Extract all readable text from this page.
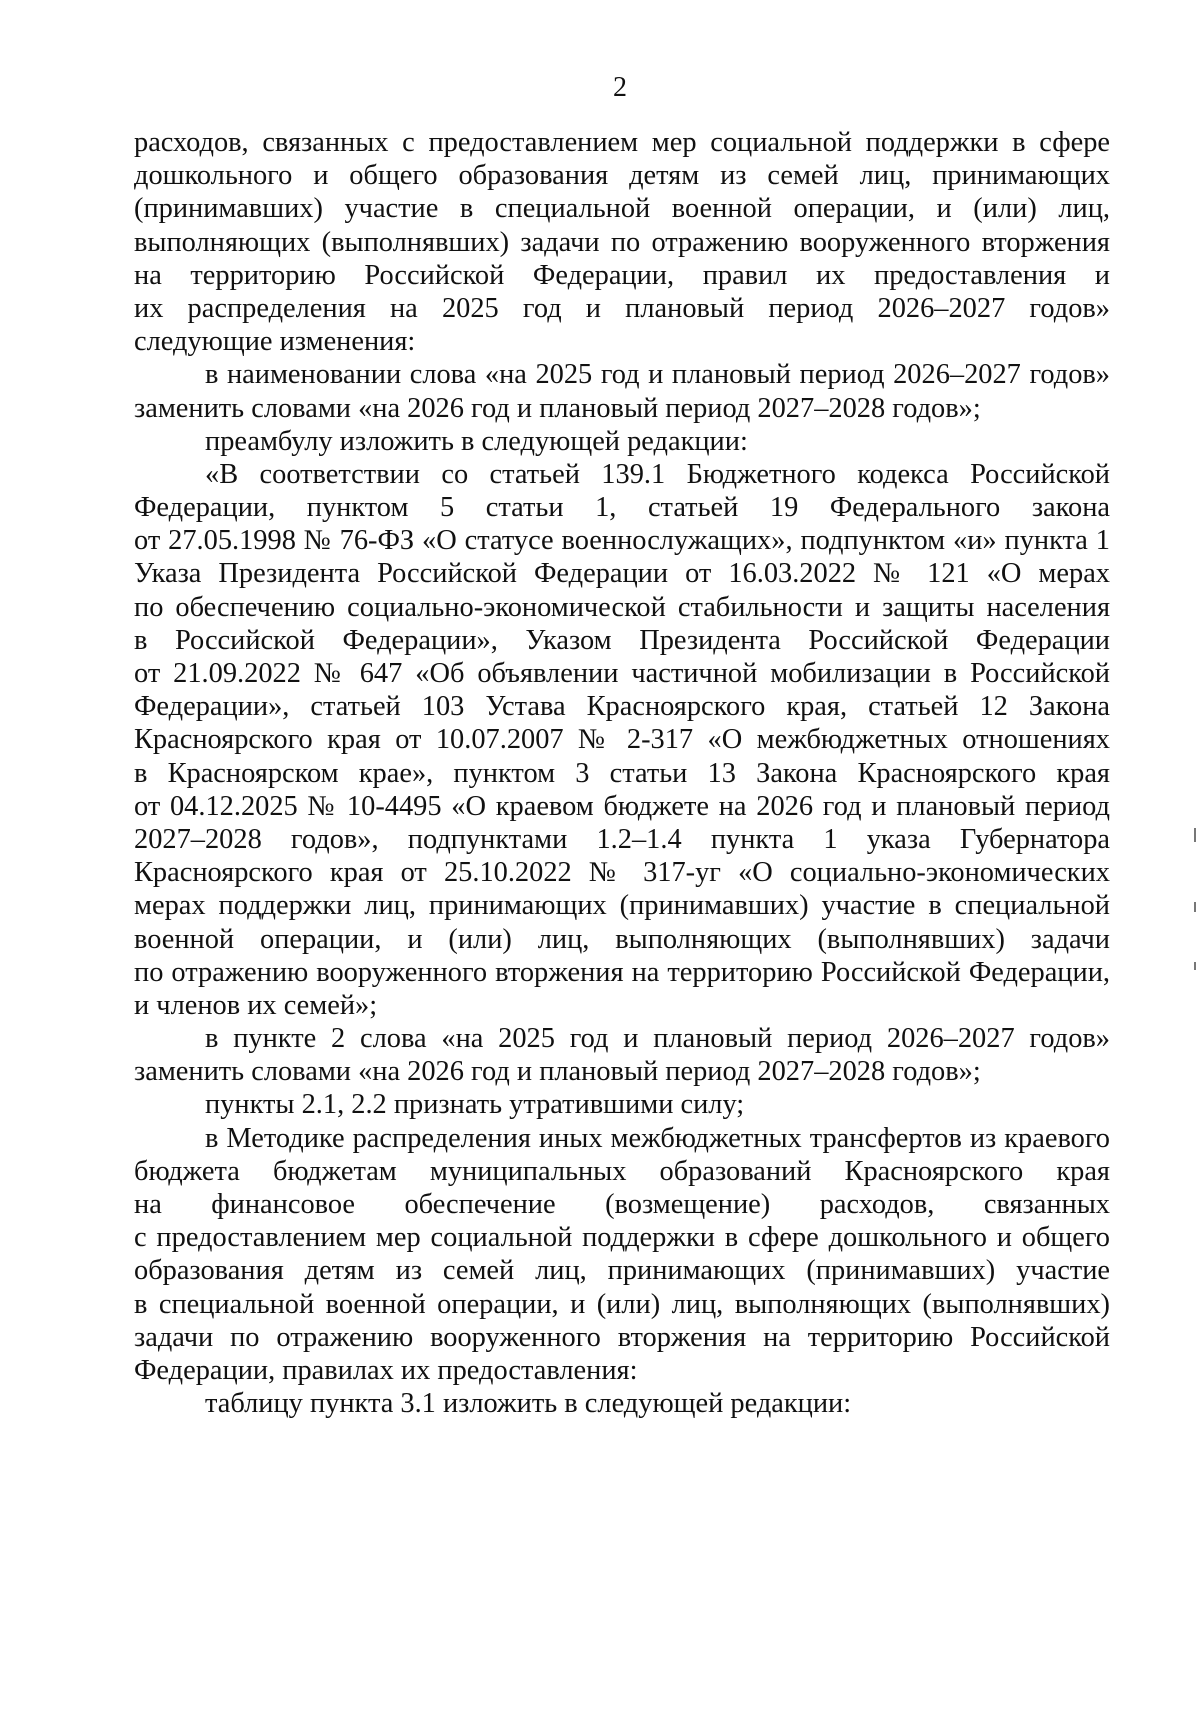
2
расходов, связанных с предоставлением мер социальной поддержки в сфере
дошкольного и общего образования детям из семей лиц, принимающих
(принимавших) участие в специальной военной операции, и (или) лиц,
выполняющих (выполнявших) задачи по отражению вооруженного вторжения
на территорию Российской Федерации, правил их предоставления и
их распределения на 2025 год и плановый период 2026–2027 годов»
следующие изменения:
в наименовании слова «на 2025 год и плановый период 2026–2027 годов»
заменить словами «на 2026 год и плановый период 2027–2028 годов»;
преамбулу изложить в следующей редакции:
«В соответствии со статьей 139.1 Бюджетного кодекса Российской
Федерации, пунктом 5 статьи 1, статьей 19 Федерального закона
от 27.05.1998 № 76-ФЗ «О статусе военнослужащих», подпунктом «и» пункта 1
Указа Президента Российской Федерации от 16.03.2022 № 121 «О мерах
по обеспечению социально-экономической стабильности и защиты населения
в Российской Федерации», Указом Президента Российской Федерации
от 21.09.2022 № 647 «Об объявлении частичной мобилизации в Российской
Федерации», статьей 103 Устава Красноярского края, статьей 12 Закона
Красноярского края от 10.07.2007 № 2-317 «О межбюджетных отношениях
в Красноярском крае», пунктом 3 статьи 13 Закона Красноярского края
от 04.12.2025 № 10-4495 «О краевом бюджете на 2026 год и плановый период
2027–2028 годов», подпунктами 1.2–1.4 пункта 1 указа Губернатора
Красноярского края от 25.10.2022 № 317-уг «О социально-экономических
мерах поддержки лиц, принимающих (принимавших) участие в специальной
военной операции, и (или) лиц, выполняющих (выполнявших) задачи
по отражению вооруженного вторжения на территорию Российской Федерации,
и членов их семей»;
в пункте 2 слова «на 2025 год и плановый период 2026–2027 годов»
заменить словами «на 2026 год и плановый период 2027–2028 годов»;
пункты 2.1, 2.2 признать утратившими силу;
в Методике распределения иных межбюджетных трансфертов из краевого
бюджета бюджетам муниципальных образований Красноярского края
на финансовое обеспечение (возмещение) расходов, связанных
с предоставлением мер социальной поддержки в сфере дошкольного и общего
образования детям из семей лиц, принимающих (принимавших) участие
в специальной военной операции, и (или) лиц, выполняющих (выполнявших)
задачи по отражению вооруженного вторжения на территорию Российской
Федерации, правилах их предоставления:
таблицу пункта 3.1 изложить в следующей редакции:
